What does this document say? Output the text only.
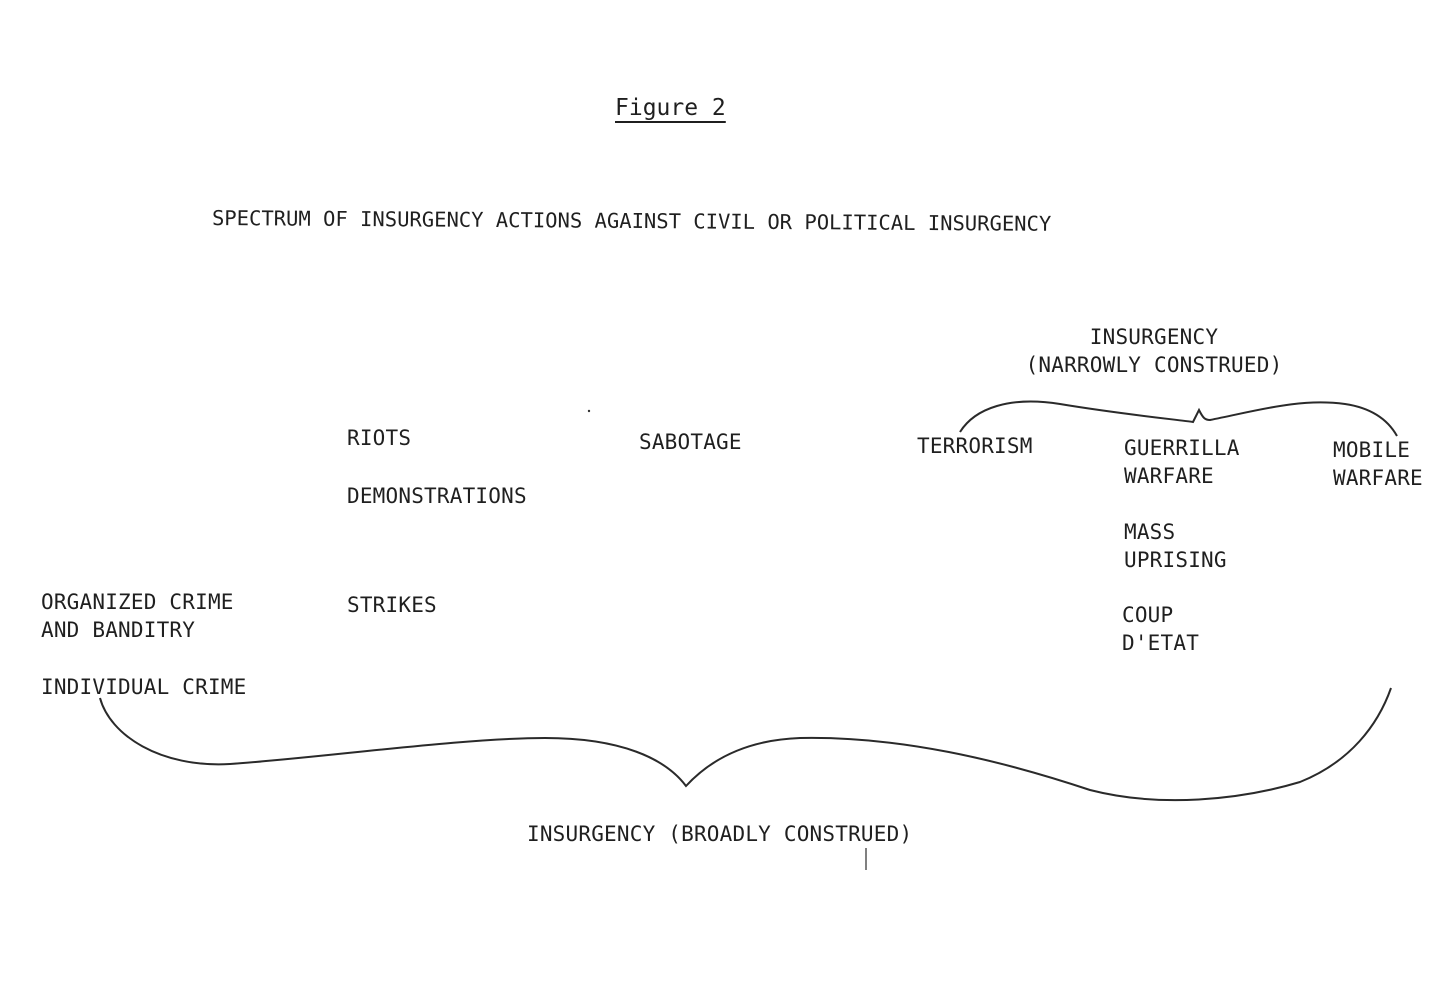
Figure 2
SPECTRUM OF INSURGENCY ACTIONS AGAINST CIVIL OR POLITICAL INSURGENCY
INSURGENCY
(NARROWLY CONSTRUED)
RIOTS
DEMONSTRATIONS
STRIKES
SABOTAGE	TERRORISM	GUERRILLA
WARFARE
MOBILE
WARFARE
MASS
UPRISING
COUP
D'ETAT
ORGANIZED CRIME
AND BANDITRY
INDIVIDUAL CRIME
INSURGENCY (BROADLY CONSTRUED)
